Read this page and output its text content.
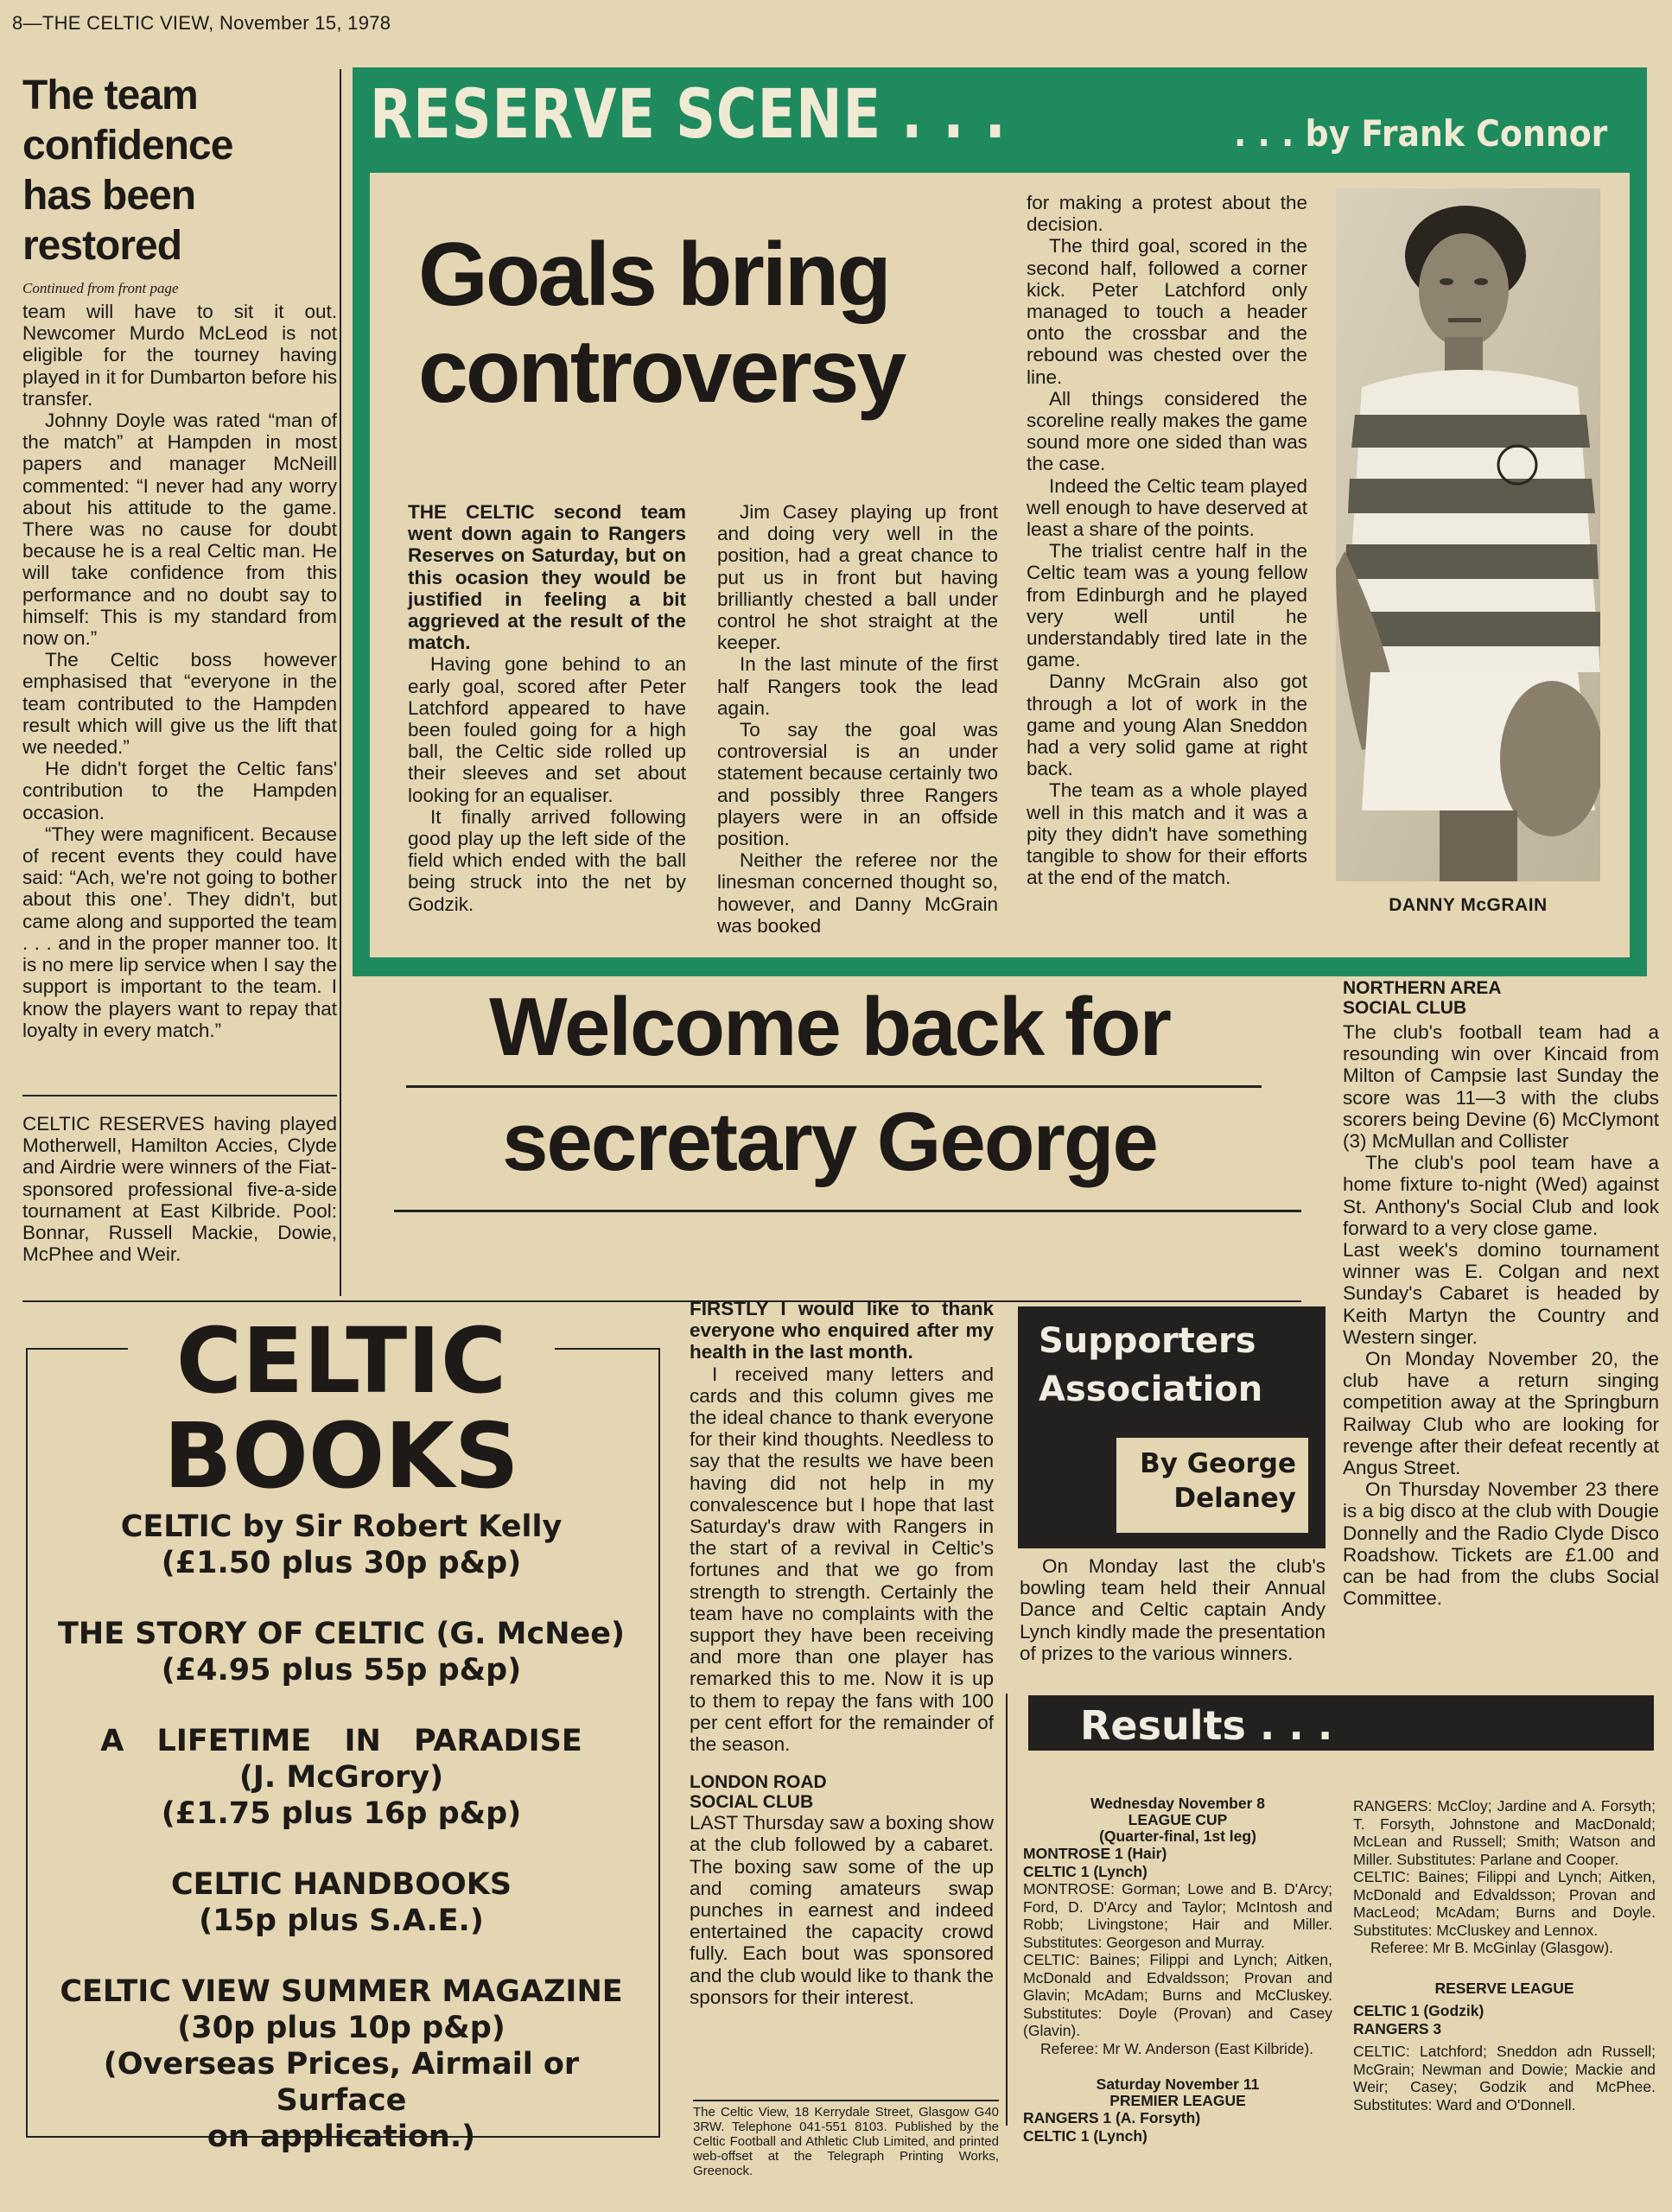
8—THE CELTIC VIEW, November 15, 1978
The team
confidence
has been
restored
Continued from front page

team will have to sit it out. Newcomer Murdo McLeod is not eligible for the tourney having played in it for Dumbarton before his transfer.

Johnny Doyle was rated “man of the match” at Hampden in most papers and manager McNeill commented: “I never had any worry about his attitude to the game. There was no cause for doubt because he is a real Celtic man. He will take confidence from this performance and no doubt say to himself: This is my standard from now on.”

The Celtic boss however emphasised that “everyone in the team contributed to the Hampden result which will give us the lift that we needed.”

He didn't forget the Celtic fans' contribution to the Hampden occasion.

“They were magnificent. Because of recent events they could have said: “Ach, we're not going to bother about this one’. They didn't, but came along and supported the team . . . and in the proper manner too. It is no mere lip service when I say the support is important to the team. I know the players want to repay that loyalty in every match.”

CELTIC RESERVES having played Motherwell, Hamilton Accies, Clyde and Airdrie were winners of the Fiat-sponsored professional five-a-side tournament at East Kilbride. Pool: Bonnar, Russell Mackie, Dowie, McPhee and Weir.
RESERVE SCENE . . .	. . . by Frank Connor
Goals bring
controversy

THE CELTIC second team went down again to Rangers Reserves on Saturday, but on this ocasion they would be justified in feeling a bit aggrieved at the result of the match.

Having gone behind to an early goal, scored after Peter Latchford appeared to have been fouled going for a high ball, the Celtic side rolled up their sleeves and set about looking for an equaliser.

It finally arrived following good play up the left side of the field which ended with the ball being struck into the net by Godzik.

Jim Casey playing up front and doing very well in the position, had a great chance to put us in front but having brilliantly chested a ball under control he shot straight at the keeper.

In the last minute of the first half Rangers took the lead again.

To say the goal was controversial is an under statement because certainly two and possibly three Rangers players were in an offside position.

Neither the referee nor the linesman concerned thought so, however, and Danny McGrain was booked

for making a protest about the decision.

The third goal, scored in the second half, followed a corner kick. Peter Latchford only managed to touch a header onto the crossbar and the rebound was chested over the line.

All things considered the scoreline really makes the game sound more one sided than was the case.

Indeed the Celtic team played well enough to have deserved at least a share of the points.

The trialist centre half in the Celtic team was a young fellow from Edinburgh and he played very well until he understandably tired late in the game.

Danny McGrain also got through a lot of work in the game and young Alan Sneddon had a very solid game at right back.

The team as a whole played well in this match and it was a pity they didn't have something tangible to show for their efforts at the end of the match.

DANNY McGRAIN
Welcome back for
secretary George
NORTHERN AREA
SOCIAL CLUB

The club's football team had a resounding win over Kincaid from Milton of Campsie last Sunday the score was 11—3 with the clubs scorers being Devine (6) McClymont (3) McMullan and Collister

The club's pool team have a home fixture to-night (Wed) against St. Anthony's Social Club and look forward to a very close game.

Last week's domino tournament winner was E. Colgan and next Sunday's Cabaret is headed by Keith Martyn the Country and Western singer.

On Monday November 20, the club have a return singing competition away at the Springburn Railway Club who are looking for revenge after their defeat recently at Angus Street.

On Thursday November 23 there is a big disco at the club with Dougie Donnelly and the Radio Clyde Disco Roadshow. Tickets are £1.00 and can be had from the clubs Social Committee.

CELTIC
BOOKS
CELTIC by Sir Robert Kelly
(£1.50 plus 30p p&p)
THE STORY OF CELTIC (G. McNee)
(£4.95 plus 55p p&p)
A LIFETIME IN PARADISE
(J. McGrory)
(£1.75 plus 16p p&p)
CELTIC HANDBOOKS
(15p plus S.A.E.)
CELTIC VIEW SUMMER MAGAZINE
(30p plus 10p p&p)
(Overseas Prices, Airmail or Surface
on application.)

FIRSTLY I would like to thank everyone who enquired after my health in the last month.

I received many letters and cards and this column gives me the ideal chance to thank everyone for their kind thoughts. Needless to say that the results we have been having did not help in my convalescence but I hope that last Saturday's draw with Rangers in the start of a revival in Celtic's fortunes and that we go from strength to strength. Certainly the team have no complaints with the support they have been receiving and more than one player has remarked this to me. Now it is up to them to repay the fans with 100 per cent effort for the remainder of the season.

LONDON ROAD
SOCIAL CLUB

LAST Thursday saw a boxing show at the club followed by a cabaret. The boxing saw some of the up and coming amateurs swap punches in earnest and indeed entertained the capacity crowd fully. Each bout was sponsored and the club would like to thank the sponsors for their interest.

The Celtic View, 18 Kerrydale Street, Glasgow G40 3RW. Telephone 041-551 8103. Published by the Celtic Football and Athletic Club Limited, and printed web-offset at the Telegraph Printing Works, Greenock.
Supporters
Association
By George
Delaney

On Monday last the club's bowling team held their Annual Dance and Celtic captain Andy Lynch kindly made the presentation of prizes to the various winners.

Results . . .
Wednesday November 8
LEAGUE CUP
(Quarter-final, 1st leg)
MONTROSE 1 (Hair)
CELTIC 1 (Lynch)

MONTROSE: Gorman; Lowe and B. D'Arcy; Ford, D. D'Arcy and Taylor; McIntosh and Robb; Livingstone; Hair and Miller. Substitutes: Georgeson and Murray.

CELTIC: Baines; Filippi and Lynch; Aitken, McDonald and Edvaldsson; Provan and Glavin; McAdam; Burns and McCluskey. Substitutes: Doyle (Provan) and Casey (Glavin).

Referee: Mr W. Anderson (East Kilbride).

Saturday November 11
PREMIER LEAGUE
RANGERS 1 (A. Forsyth)
CELTIC 1 (Lynch)

RANGERS: McCloy; Jardine and A. Forsyth; T. Forsyth, Johnstone and MacDonald; McLean and Russell; Smith; Watson and Miller. Substitutes: Parlane and Cooper.

CELTIC: Baines; Filippi and Lynch; Aitken, McDonald and Edvaldsson; Provan and MacLeod; McAdam; Burns and Doyle. Substitutes: McCluskey and Lennox.

Referee: Mr B. McGinlay (Glasgow).

RESERVE LEAGUE
CELTIC 1 (Godzik)
RANGERS 3

CELTIC: Latchford; Sneddon adn Russell; McGrain; Newman and Dowie; Mackie and Weir; Casey; Godzik and McPhee. Substitutes: Ward and O'Donnell.
